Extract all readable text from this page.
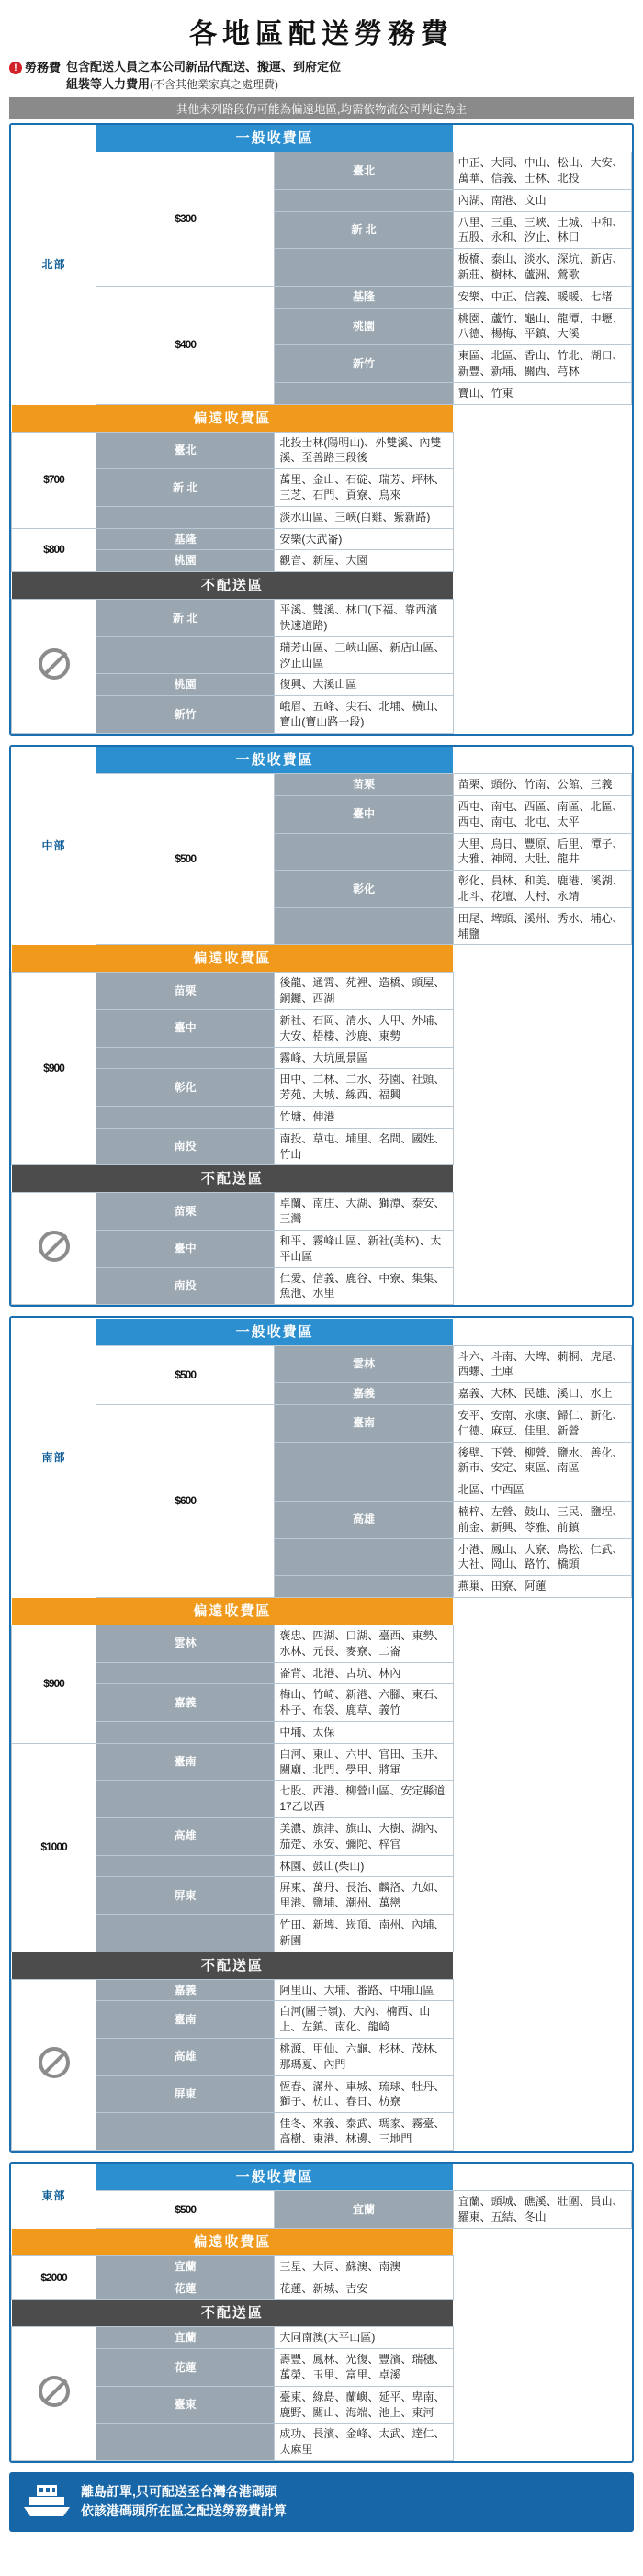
各地區配送勞務費
! 勞務費 包含配送人員之本公司新品代配送、搬運、到府定位
組裝等人力費用(不含其他業家真之處理費)
其他未列路段仍可能為偏遠地區,均需依物流公司判定為主
北部	一般收費區		

	$300	臺北	中正、大同、中山、松山、大安、萬華、信義、士林、北投
			內湖、南港、文山
		新 北	八里、三重、三峽、土城、中和、五股、永和、汐止、林口
			板橋、泰山、淡水、深坑、新店、新莊、樹林、蘆洲、鶯歌
	$400	基隆	安樂、中正、信義、暖暖、七堵
		桃園	桃園、蘆竹、龜山、龍潭、中壢、八德、楊梅、平鎮、大溪
		新竹	東區、北區、香山、竹北、湖口、新豐、新埔、關西、芎林
			寶山、竹東

偏遠收費區			

$700	臺北	北投士林(陽明山)、外雙溪、內雙溪、至善路三段後	
	新 北	萬里、金山、石碇、瑞芳、坪林、三芝、石門、貢寮、烏來	
		淡水山區、三峽(白雞、紫新路)	
$800	基隆	安樂(大武崙)	
	桃園	觀音、新屋、大園	

不配送區			

	新 北	平溪、雙溪、林口(下福、靠西濱快速道路)	
		瑞芳山區、三峽山區、新店山區、汐止山區	
	桃園	復興、大溪山區	
	新竹	峨眉、五峰、尖石、北埔、橫山、寶山(寶山路一段)	
中部	一般收費區		

	$500	苗栗	苗栗、頭份、竹南、公館、三義
		臺中	西屯、南屯、西區、南區、北區、西屯、南屯、北屯、太平
			大里、烏日、豐原、后里、潭子、大雅、神岡、大肚、龍井
		彰化	彰化、員林、和美、鹿港、溪湖、北斗、花壇、大村、永靖
			田尾、埤頭、溪州、秀水、埔心、埔鹽

偏遠收費區			

$900	苗栗	後龍、通霄、苑裡、造橋、頭屋、銅鑼、西湖	
	臺中	新社、石岡、清水、大甲、外埔、大安、梧棲、沙鹿、東勢	
		霧峰、大坑風景區	
	彰化	田中、二林、二水、芬園、社頭、芳苑、大城、線西、福興	
		竹塘、伸港	
	南投	南投、草屯、埔里、名間、國姓、竹山	

不配送區			

	苗栗	卓蘭、南庄、大湖、獅潭、泰安、三灣	
	臺中	和平、霧峰山區、新社(美林)、太平山區	
	南投	仁愛、信義、鹿谷、中寮、集集、魚池、水里	
南部	一般收費區		

	$500	雲林	斗六、斗南、大埤、莿桐、虎尾、西螺、土庫
		嘉義	嘉義、大林、民雄、溪口、水上
	$600	臺南	安平、安南、永康、歸仁、新化、仁德、麻豆、佳里、新營
			後壁、下營、柳營、鹽水、善化、新市、安定、東區、南區
			北區、中西區
		高雄	楠梓、左營、鼓山、三民、鹽埕、前金、新興、苓雅、前鎮
			小港、鳳山、大寮、鳥松、仁武、大社、岡山、路竹、橋頭
			燕巢、田寮、阿蓮

偏遠收費區			

$900	雲林	褒忠、四湖、口湖、臺西、東勢、水林、元長、麥寮、二崙	
		崙背、北港、古坑、林內	
	嘉義	梅山、竹崎、新港、六腳、東石、朴子、布袋、鹿草、義竹	
		中埔、太保	
$1000	臺南	白河、東山、六甲、官田、玉井、關廟、北門、學甲、將軍	
		七股、西港、柳營山區、安定縣道17乙以西	
	高雄	美濃、旗津、旗山、大樹、湖內、茄萣、永安、彌陀、梓官	
		林園、鼓山(柴山)	
	屏東	屏東、萬丹、長治、麟洛、九如、里港、鹽埔、潮州、萬巒	
		竹田、新埤、崁頂、南州、內埔、新園	

不配送區			

	嘉義	阿里山、大埔、番路、中埔山區	
	臺南	白河(關子嶺)、大內、楠西、山上、左鎮、南化、龍崎	
	高雄	桃源、甲仙、六龜、杉林、茂林、那瑪夏、內門	
	屏東	恆春、滿州、車城、琉球、牡丹、獅子、枋山、春日、枋寮	
		佳冬、來義、泰武、瑪家、霧臺、高樹、東港、林邊、三地門	
東部	一般收費區		

	$500	宜蘭	宜蘭、頭城、礁溪、壯圍、員山、羅東、五結、冬山

偏遠收費區			

$2000	宜蘭	三星、大同、蘇澳、南澳	
	花蓮	花蓮、新城、吉安	

不配送區			

	宜蘭	大同南澳(太平山區)	
	花蓮	壽豐、鳳林、光復、豐濱、瑞穗、萬榮、玉里、富里、卓溪	
	臺東	臺東、綠島、蘭嶼、延平、卑南、鹿野、關山、海端、池上、東河	
		成功、長濱、金峰、太武、達仁、太麻里	
離島訂單,只可配送至台灣各港碼頭
依該港碼頭所在區之配送勞務費計算
